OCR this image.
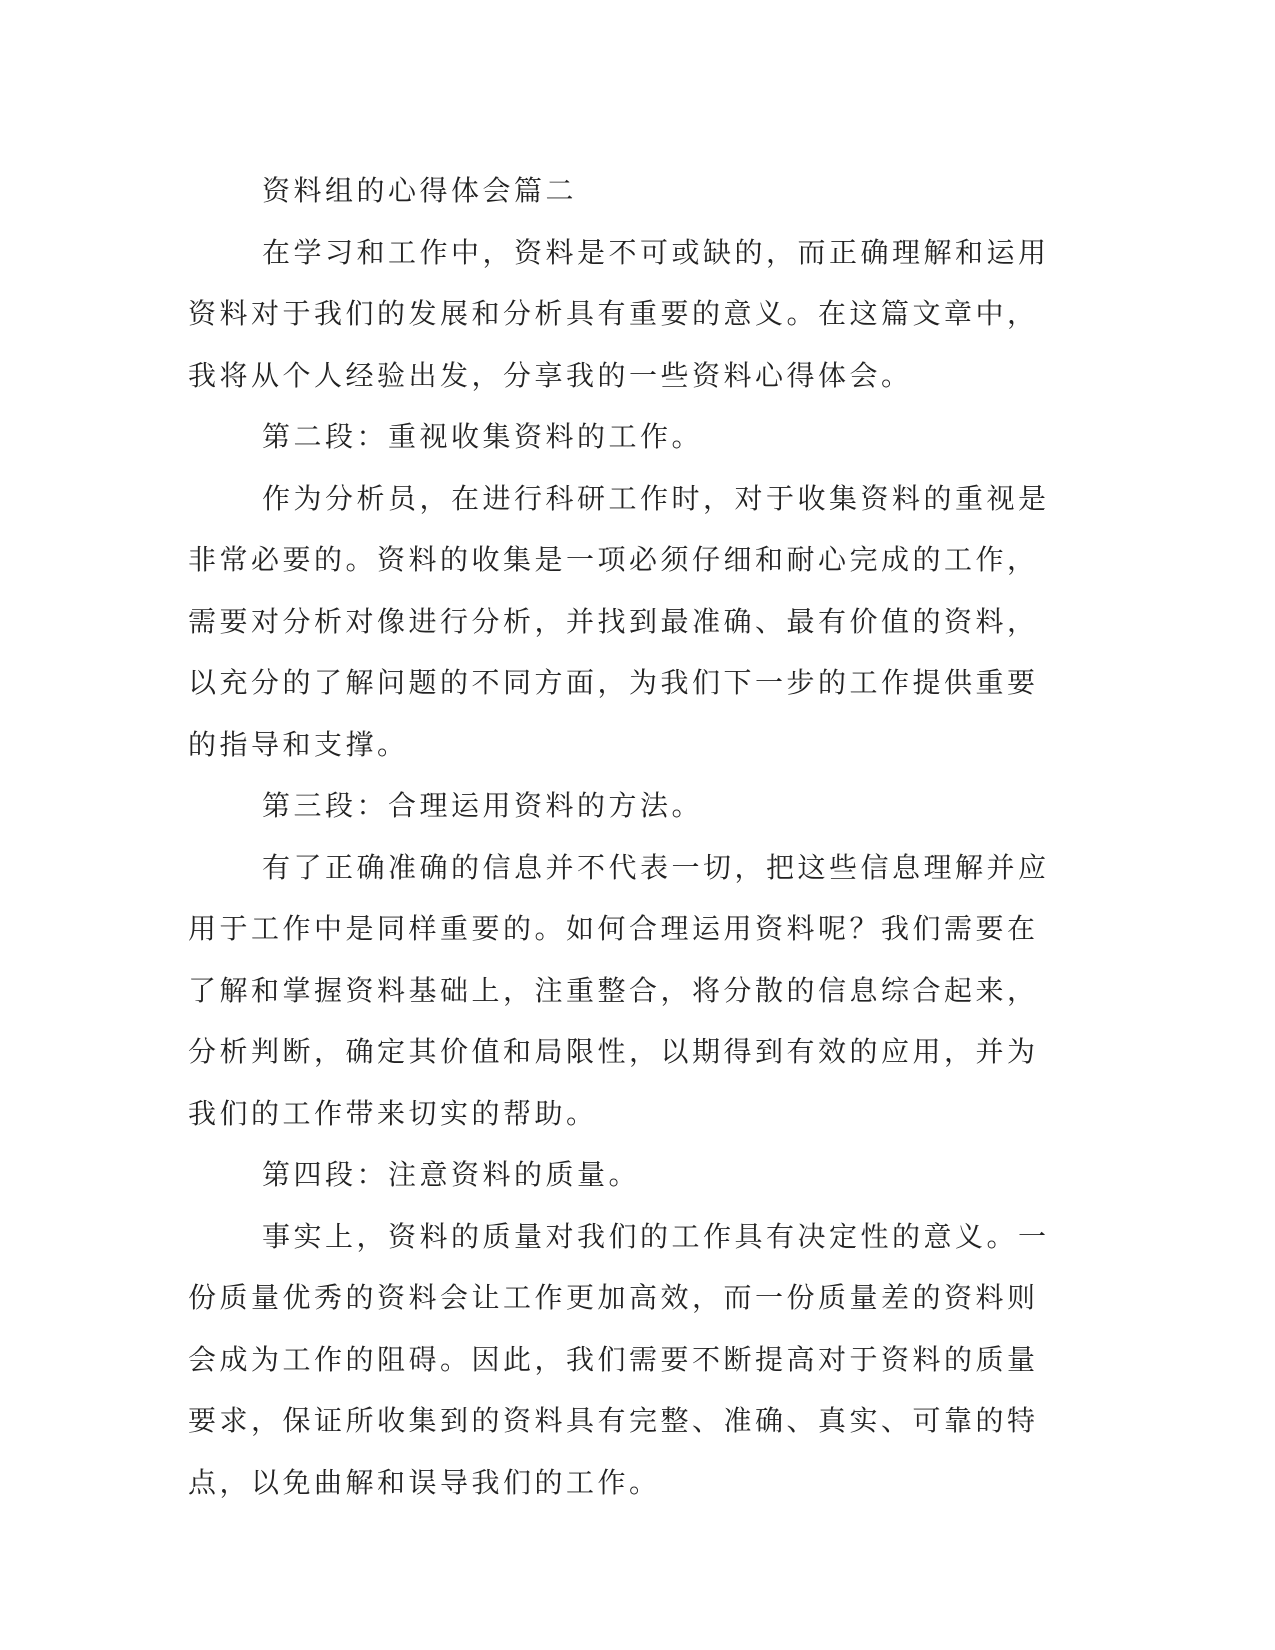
资料组的心得体会篇二

在学习和工作中，资料是不可或缺的，而正确理解和运用资料对于我们的发展和分析具有重要的意义。在这篇文章中，我将从个人经验出发，分享我的一些资料心得体会。

第二段：重视收集资料的工作。

作为分析员，在进行科研工作时，对于收集资料的重视是非常必要的。资料的收集是一项必须仔细和耐心完成的工作，需要对分析对像进行分析，并找到最准确、最有价值的资料，以充分的了解问题的不同方面，为我们下一步的工作提供重要的指导和支撑。

第三段：合理运用资料的方法。

有了正确准确的信息并不代表一切，把这些信息理解并应用于工作中是同样重要的。如何合理运用资料呢？我们需要在了解和掌握资料基础上，注重整合，将分散的信息综合起来，分析判断，确定其价值和局限性，以期得到有效的应用，并为我们的工作带来切实的帮助。

第四段：注意资料的质量。

事实上，资料的质量对我们的工作具有决定性的意义。一份质量优秀的资料会让工作更加高效，而一份质量差的资料则会成为工作的阻碍。因此，我们需要不断提高对于资料的质量要求，保证所收集到的资料具有完整、准确、真实、可靠的特点，以免曲解和误导我们的工作。
